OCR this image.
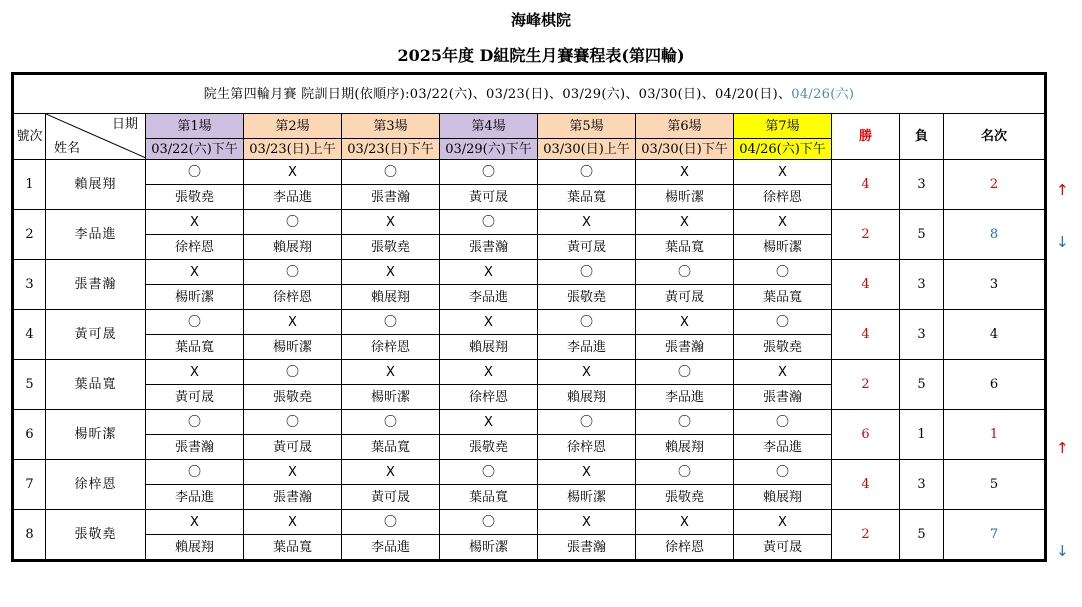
海峰棋院
2025年度 D組院生月賽賽程表(第四輪)
院生第四輪月賽 院訓日期(依順序):03/22(六)、03/23(日)、03/29(六)、03/30(日)、04/20(日)、04/26(六)											
號次	日期
姓名	第1場	第2場	第3場	第4場	第5場	第6場	第7場	勝	負	名次
		03/22(六)下午	03/23(日)上午	03/23(日)下午	03/29(六)下午	03/30(日)上午	03/30(日)下午	04/26(六)下午			
1	賴展翔	〇	X	〇	〇	〇	X	X	4	3	2
		張敬堯	李品進	張書瀚	黃可晟	葉品寬	楊昕潔	徐梓恩			
2	李品進	X	〇	X	〇	X	X	X	2	5	8
		徐梓恩	賴展翔	張敬堯	張書瀚	黃可晟	葉品寬	楊昕潔			
3	張書瀚	X	〇	X	X	〇	〇	〇	4	3	3
		楊昕潔	徐梓恩	賴展翔	李品進	張敬堯	黃可晟	葉品寬			
4	黃可晟	〇	X	〇	X	〇	X	〇	4	3	4
		葉品寬	楊昕潔	徐梓恩	賴展翔	李品進	張書瀚	張敬堯			
5	葉品寬	X	〇	X	X	X	〇	X	2	5	6
		黃可晟	張敬堯	楊昕潔	徐梓恩	賴展翔	李品進	張書瀚			
6	楊昕潔	〇	〇	〇	X	〇	〇	〇	6	1	1
		張書瀚	黃可晟	葉品寬	張敬堯	徐梓恩	賴展翔	李品進			
7	徐梓恩	〇	X	X	〇	X	〇	〇	4	3	5
		李品進	張書瀚	黃可晟	葉品寬	楊昕潔	張敬堯	賴展翔			
8	張敬堯	X	X	〇	〇	X	X	X	2	5	7
		賴展翔	葉品寬	李品進	楊昕潔	張書瀚	徐梓恩	黃可晟			
↑
↓
↑
↓
